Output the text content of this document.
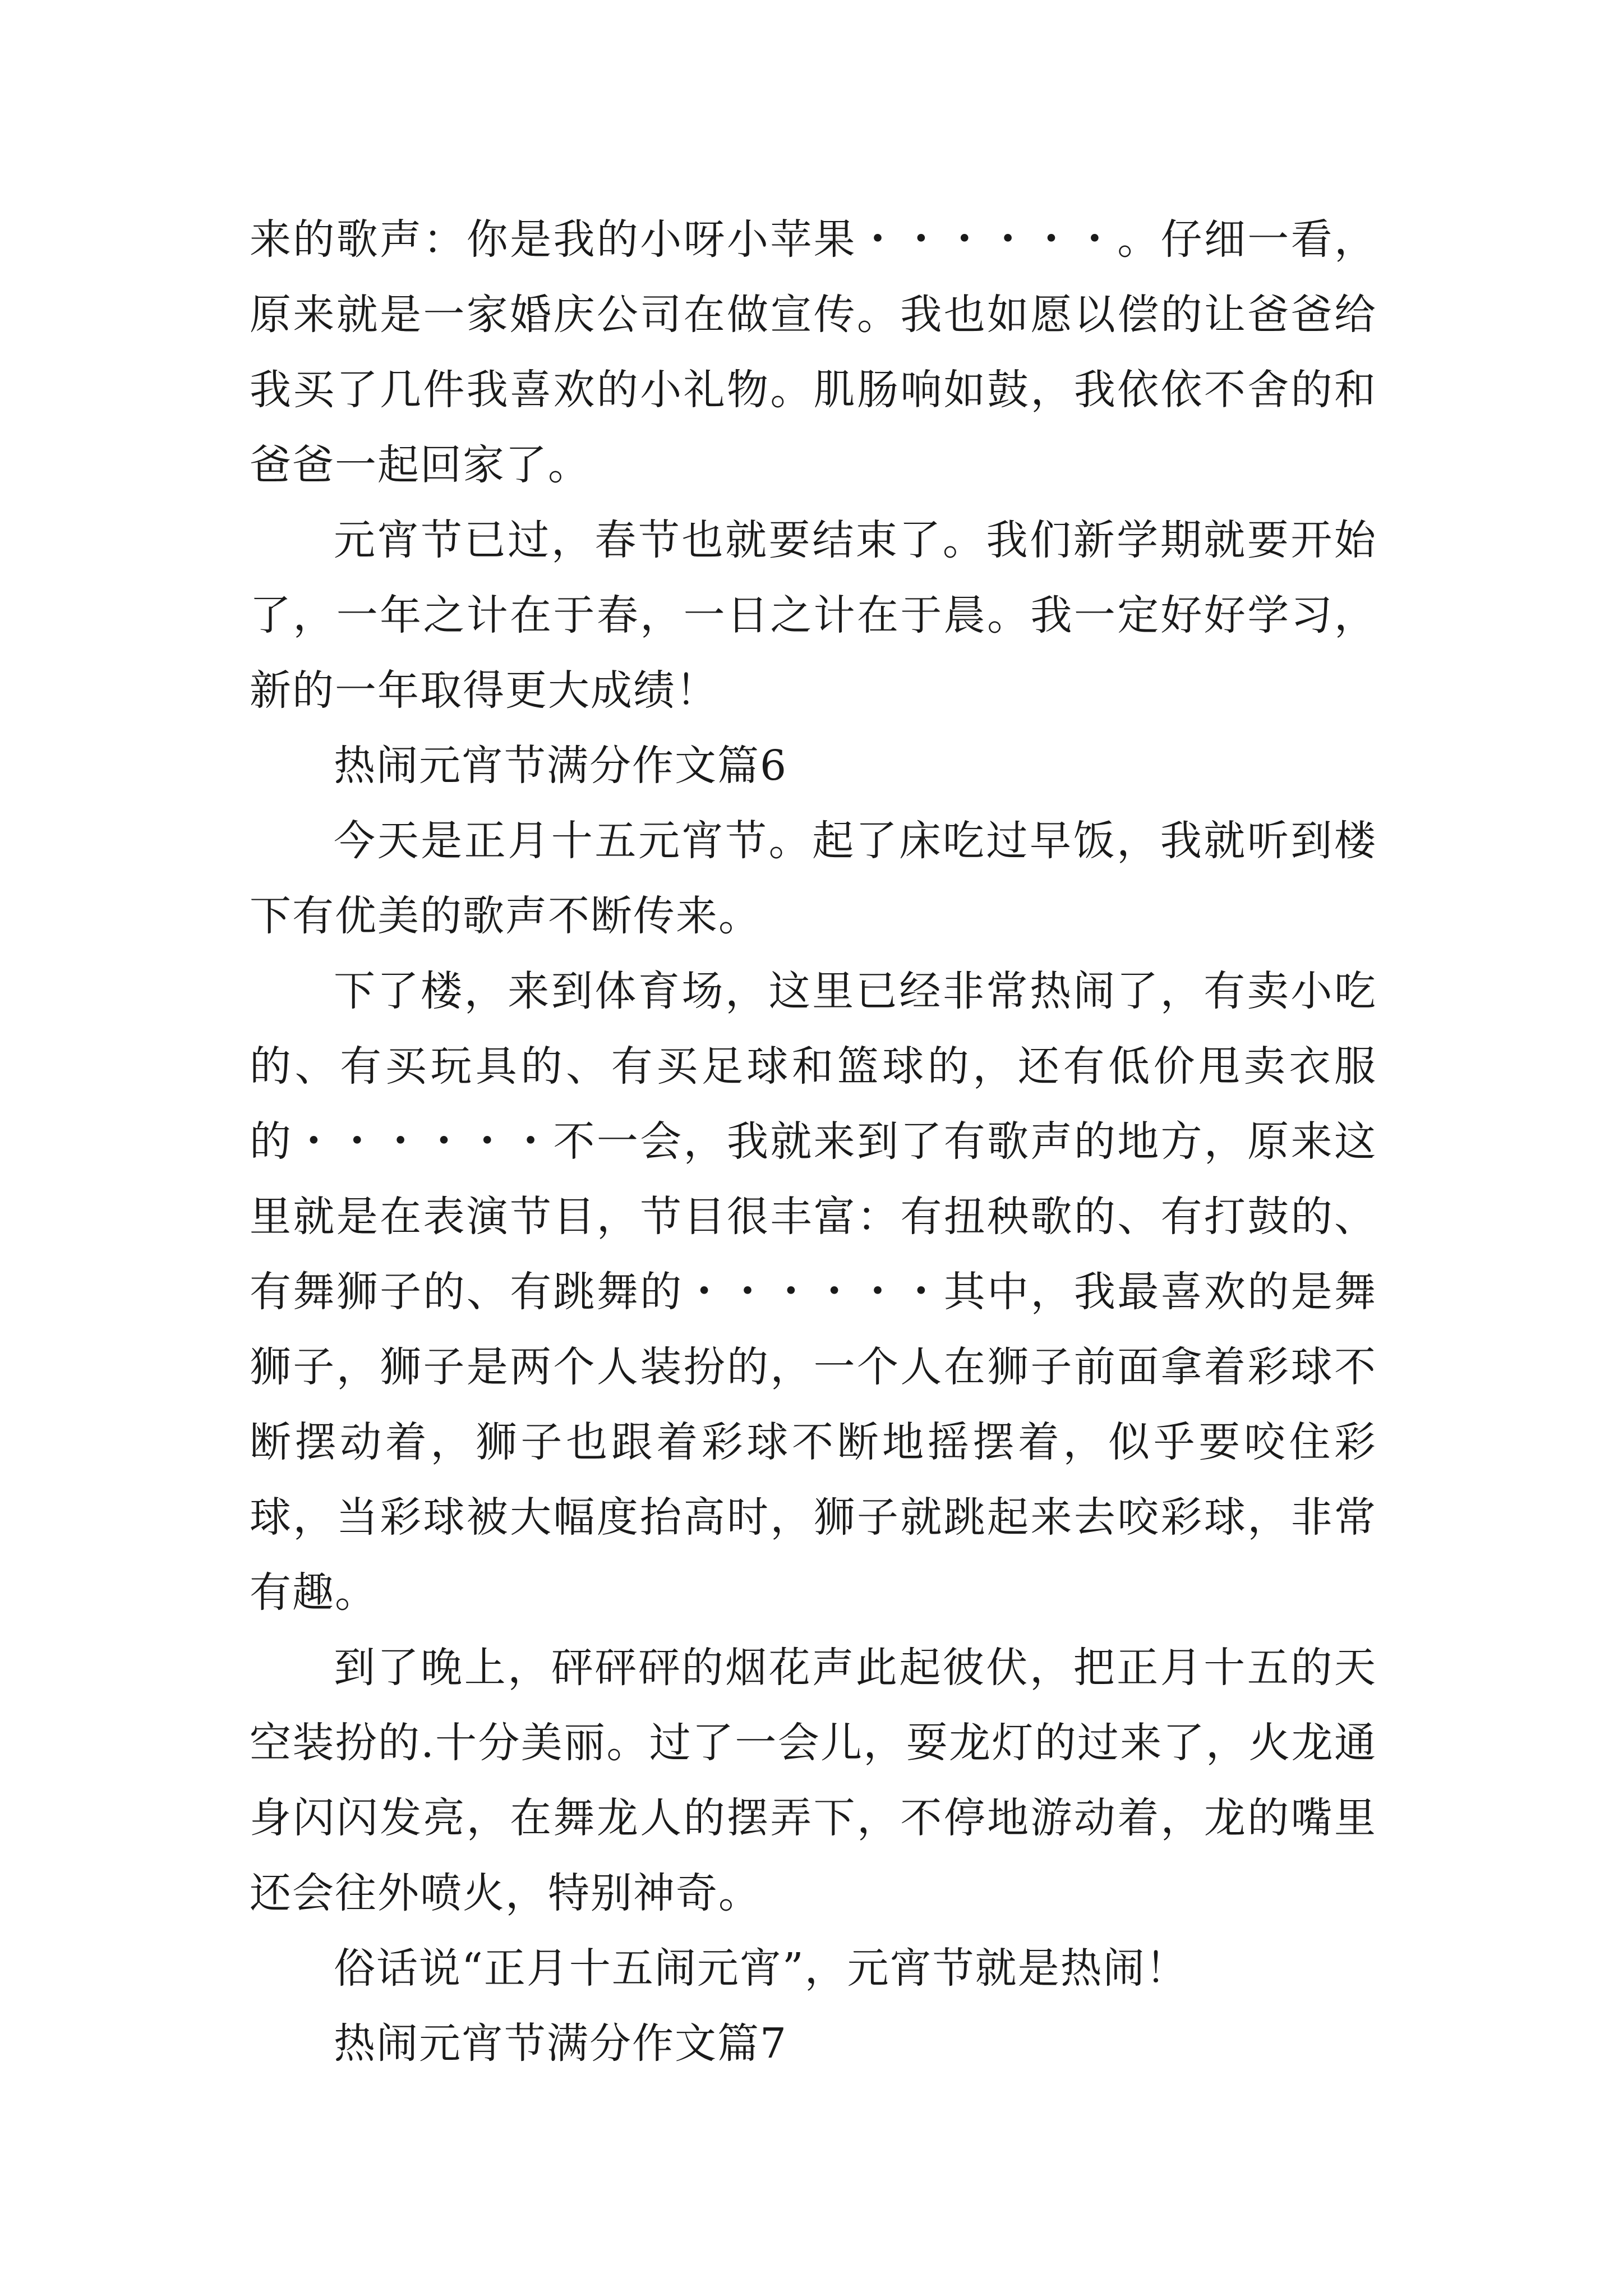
来的歌声：你是我的小呀小苹果・・・・・・。仔细一看，原来就是一家婚庆公司在做宣传。我也如愿以偿的让爸爸给我买了几件我喜欢的小礼物。肌肠响如鼓，我依依不舍的和爸爸一起回家了。

元宵节已过，春节也就要结束了。我们新学期就要开始了，一年之计在于春，一日之计在于晨。我一定好好学习，新的一年取得更大成绩！

热闹元宵节满分作文篇6

今天是正月十五元宵节。起了床吃过早饭，我就听到楼下有优美的歌声不断传来。

下了楼，来到体育场，这里已经非常热闹了，有卖小吃的、有买玩具的、有买足球和篮球的，还有低价甩卖衣服的・・・・・・不一会，我就来到了有歌声的地方，原来这里就是在表演节目，节目很丰富：有扭秧歌的、有打鼓的、有舞狮子的、有跳舞的・・・・・・其中，我最喜欢的是舞狮子，狮子是两个人装扮的，一个人在狮子前面拿着彩球不断摆动着，狮子也跟着彩球不断地摇摆着，似乎要咬住彩球，当彩球被大幅度抬高时，狮子就跳起来去咬彩球，非常有趣。

到了晚上，砰砰砰的烟花声此起彼伏，把正月十五的天空装扮的.十分美丽。过了一会儿，耍龙灯的过来了，火龙通身闪闪发亮，在舞龙人的摆弄下，不停地游动着，龙的嘴里还会往外喷火，特别神奇。

俗话说“正月十五闹元宵”，元宵节就是热闹！

热闹元宵节满分作文篇7
